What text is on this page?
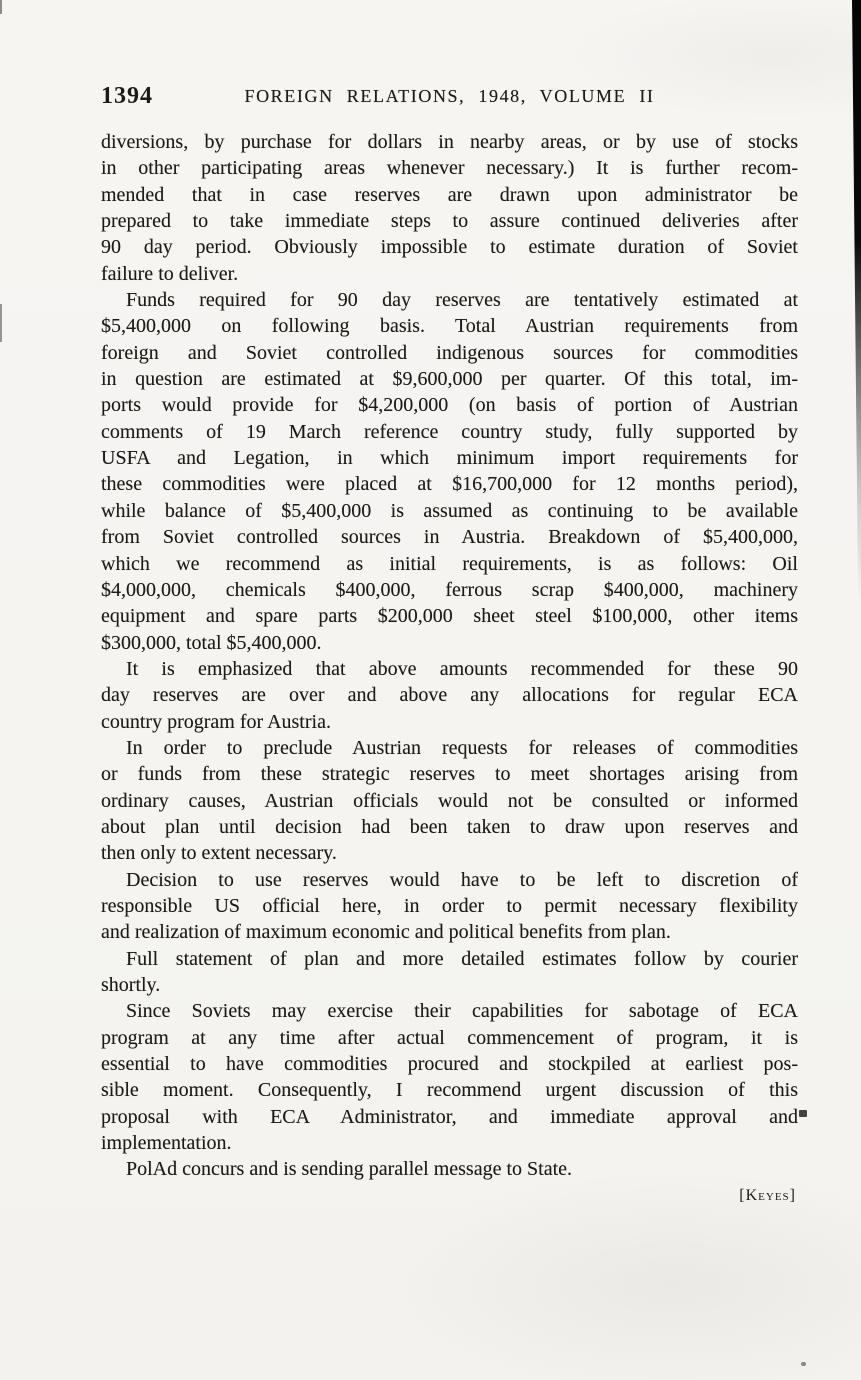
1394	FOREIGN RELATIONS, 1948, VOLUME II
diversions, by purchase for dollars in nearby areas, or by use of stocks
in other participating areas whenever necessary.) It is further recom-
mended that in case reserves are drawn upon administrator be
prepared to take immediate steps to assure continued deliveries after
90 day period. Obviously impossible to estimate duration of Soviet
failure to deliver.
Funds required for 90 day reserves are tentatively estimated at
$5,400,000 on following basis. Total Austrian requirements from
foreign and Soviet controlled indigenous sources for commodities
in question are estimated at $9,600,000 per quarter. Of this total, im-
ports would provide for $4,200,000 (on basis of portion of Austrian
comments of 19 March reference country study, fully supported by
USFA and Legation, in which minimum import requirements for
these commodities were placed at $16,700,000 for 12 months period),
while balance of $5,400,000 is assumed as continuing to be available
from Soviet controlled sources in Austria. Breakdown of $5,400,000,
which we recommend as initial requirements, is as follows: Oil
$4,000,000, chemicals $400,000, ferrous scrap $400,000, machinery
equipment and spare parts $200,000 sheet steel $100,000, other items
$300,000, total $5,400,000.
It is emphasized that above amounts recommended for these 90
day reserves are over and above any allocations for regular ECA
country program for Austria.
In order to preclude Austrian requests for releases of commodities
or funds from these strategic reserves to meet shortages arising from
ordinary causes, Austrian officials would not be consulted or informed
about plan until decision had been taken to draw upon reserves and
then only to extent necessary.
Decision to use reserves would have to be left to discretion of
responsible US official here, in order to permit necessary flexibility
and realization of maximum economic and political benefits from plan.
Full statement of plan and more detailed estimates follow by courier
shortly.
Since Soviets may exercise their capabilities for sabotage of ECA
program at any time after actual commencement of program, it is
essential to have commodities procured and stockpiled at earliest pos-
sible moment. Consequently, I recommend urgent discussion of this
proposal with ECA Administrator, and immediate approval and
implementation.
PolAd concurs and is sending parallel message to State.
[Keyes]
